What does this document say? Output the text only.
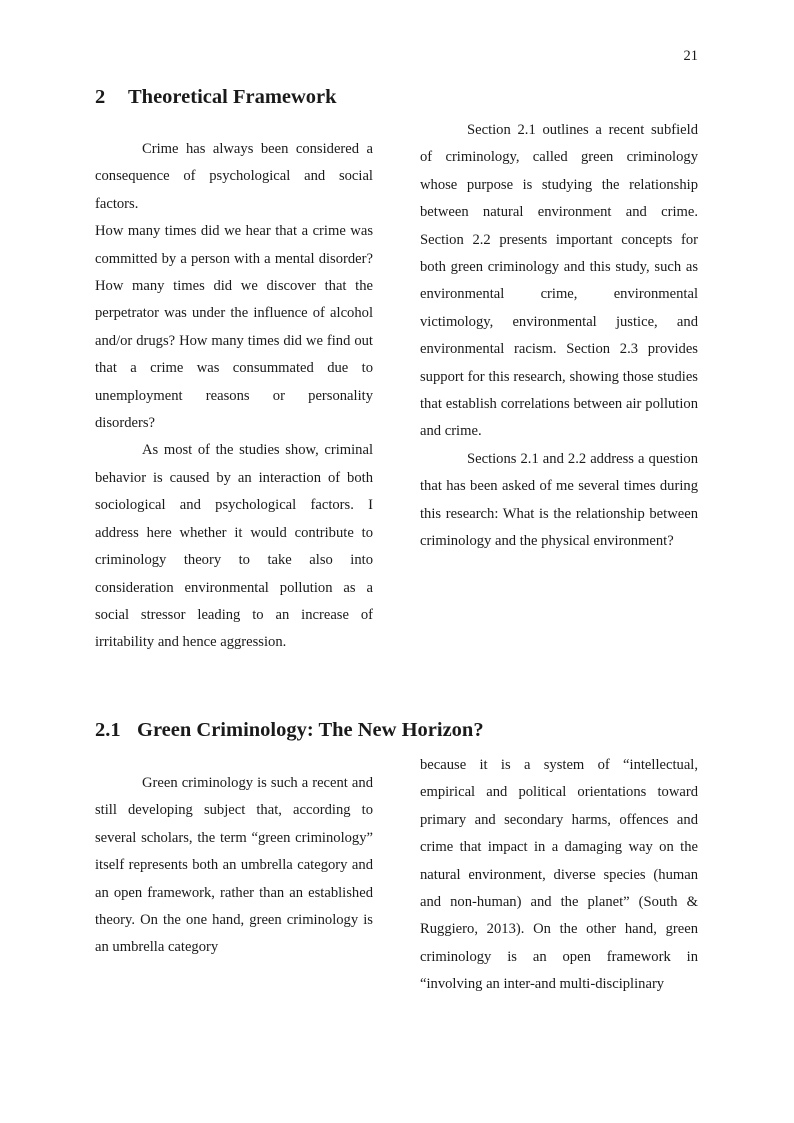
21
2 Theoretical Framework

Crime has always been considered a consequence of psychological and social factors.

How many times did we hear that a crime was committed by a person with a mental disorder? How many times did we discover that the perpetrator was under the influence of alcohol and/or drugs? How many times did we find out that a crime was consummated due to unemployment reasons or personality disorders?

As most of the studies show, criminal behavior is caused by an interaction of both sociological and psychological factors. I address here whether it would contribute to criminology theory to take also into consideration environmental pollution as a social stressor leading to an increase of irritability and hence aggression.

Section 2.1 outlines a recent subfield of criminology, called green criminology whose purpose is studying the relationship between natural environment and crime. Section 2.2 presents important concepts for both green criminology and this study, such as environmental crime, environmental victimology, environmental justice, and environmental racism. Section 2.3 provides support for this research, showing those studies that establish correlations between air pollution and crime.

Sections 2.1 and 2.2 address a question that has been asked of me several times during this research: What is the relationship between criminology and the physical environment?

2.1 Green Criminology: The New Horizon?

Green criminology is such a recent and still developing subject that, according to several scholars, the term “green criminology” itself represents both an umbrella category and an open framework, rather than an established theory. On the one hand, green criminology is an umbrella category

because it is a system of “intellectual, empirical and political orientations toward primary and secondary harms, offences and crime that impact in a damaging way on the natural environment, diverse species (human and non-human) and the planet” (South & Ruggiero, 2013). On the other hand, green criminology is an open framework in “involving an inter-and multi-disciplinary
